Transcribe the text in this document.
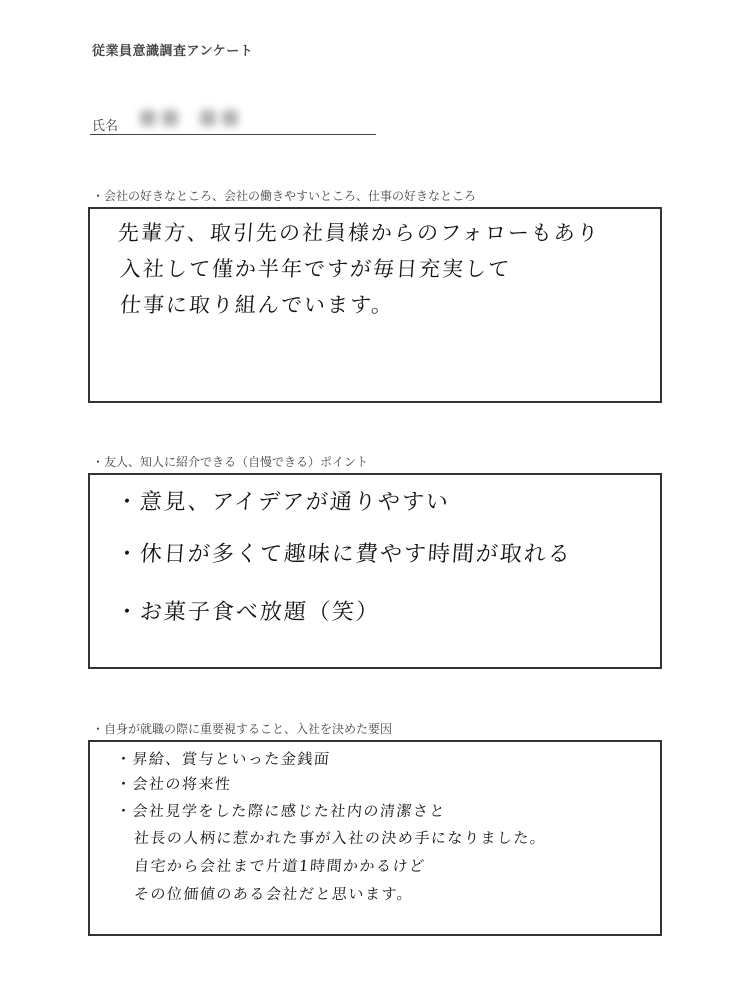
従業員意識調査アンケート
氏名
・会社の好きなところ、会社の働きやすいところ、仕事の好きなところ
先輩方、取引先の社員様からのフォローもあり
入社して僅か半年ですが毎日充実して
仕事に取り組んでいます。
・友人、知人に紹介できる（自慢できる）ポイント
・意見、アイデアが通りやすい
・休日が多くて趣味に費やす時間が取れる
・お菓子食べ放題（笑）
・自身が就職の際に重要視すること、入社を決めた要因
・昇給、賞与といった金銭面
・会社の将来性
・会社見学をした際に感じた社内の清潔さと
社長の人柄に惹かれた事が入社の決め手になりました。
自宅から会社まで片道1時間かかるけど
その位価値のある会社だと思います。
